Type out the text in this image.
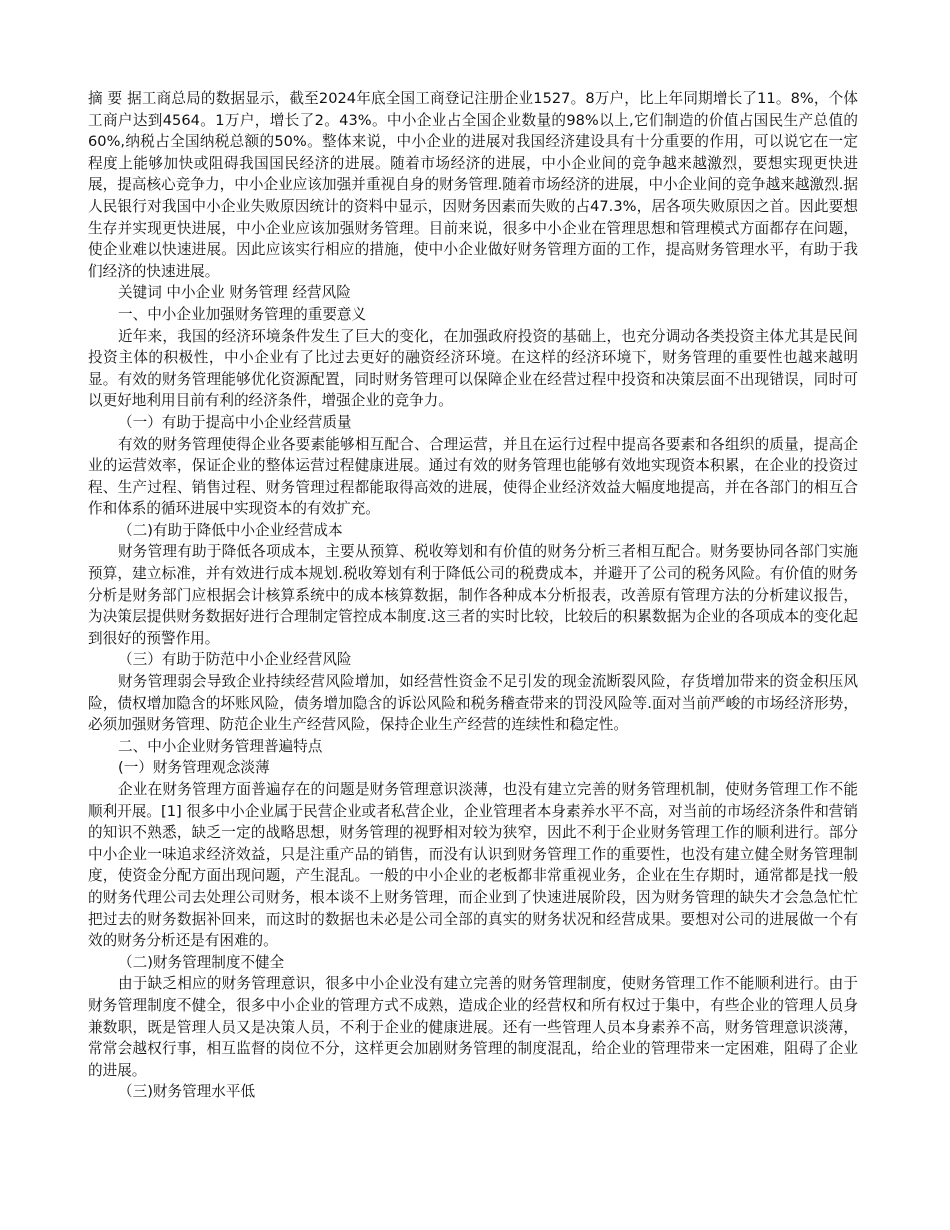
摘 要 据工商总局的数据显示，截至2024年底全国工商登记注册企业1527。8万户，比上年同期增长了11。8%，个体工商户达到4564。1万户，增长了2。43%。中小企业占全国企业数量的98%以上,它们制造的价值占国民生产总值的60%,纳税占全国纳税总额的50%。整体来说，中小企业的进展对我国经济建设具有十分重要的作用，可以说它在一定程度上能够加快或阻碍我国国民经济的进展。随着市场经济的进展，中小企业间的竞争越来越激烈，要想实现更快进展，提高核心竞争力，中小企业应该加强并重视自身的财务管理.随着市场经济的进展，中小企业间的竞争越来越激烈.据人民银行对我国中小企业失败原因统计的资料中显示，因财务因素而失败的占47.3%，居各项失败原因之首。因此要想生存并实现更快进展，中小企业应该加强财务管理。目前来说，很多中小企业在管理思想和管理模式方面都存在问题，使企业难以快速进展。因此应该实行相应的措施，使中小企业做好财务管理方面的工作，提高财务管理水平，有助于我们经济的快速进展。

关键词 中小企业 财务管理 经营风险

一、中小企业加强财务管理的重要意义

近年来，我国的经济环境条件发生了巨大的变化，在加强政府投资的基础上，也充分调动各类投资主体尤其是民间投资主体的积极性，中小企业有了比过去更好的融资经济环境。在这样的经济环境下，财务管理的重要性也越来越明显。有效的财务管理能够优化资源配置，同时财务管理可以保障企业在经营过程中投资和决策层面不出现错误，同时可以更好地利用目前有利的经济条件，增强企业的竞争力。

（一）有助于提高中小企业经营质量

有效的财务管理使得企业各要素能够相互配合、合理运营，并且在运行过程中提高各要素和各组织的质量，提高企业的运营效率，保证企业的整体运营过程健康进展。通过有效的财务管理也能够有效地实现资本积累，在企业的投资过程、生产过程、销售过程、财务管理过程都能取得高效的进展，使得企业经济效益大幅度地提高，并在各部门的相互合作和体系的循环进展中实现资本的有效扩充。

（二)有助于降低中小企业经营成本

财务管理有助于降低各项成本，主要从预算、税收筹划和有价值的财务分析三者相互配合。财务要协同各部门实施预算，建立标准，并有效进行成本规划.税收筹划有利于降低公司的税费成本，并避开了公司的税务风险。有价值的财务分析是财务部门应根据会计核算系统中的成本核算数据，制作各种成本分析报表，改善原有管理方法的分析建议报告，为决策层提供财务数据好进行合理制定管控成本制度.这三者的实时比较，比较后的积累数据为企业的各项成本的变化起到很好的预警作用。

（三）有助于防范中小企业经营风险

财务管理弱会导致企业持续经营风险增加，如经营性资金不足引发的现金流断裂风险，存货增加带来的资金积压风险，债权增加隐含的坏账风险，债务增加隐含的诉讼风险和税务稽查带来的罚没风险等.面对当前严峻的市场经济形势，必须加强财务管理、防范企业生产经营风险，保持企业生产经营的连续性和稳定性。

二、中小企业财务管理普遍特点

(一）财务管理观念淡薄

企业在财务管理方面普遍存在的问题是财务管理意识淡薄，也没有建立完善的财务管理机制，使财务管理工作不能顺利开展。[1] 很多中小企业属于民营企业或者私营企业，企业管理者本身素养水平不高，对当前的市场经济条件和营销的知识不熟悉，缺乏一定的战略思想，财务管理的视野相对较为狭窄，因此不利于企业财务管理工作的顺利进行。部分中小企业一味追求经济效益，只是注重产品的销售，而没有认识到财务管理工作的重要性，也没有建立健全财务管理制度，使资金分配方面出现问题，产生混乱。一般的中小企业的老板都非常重视业务，企业在生存期时，通常都是找一般的财务代理公司去处理公司财务，根本谈不上财务管理，而企业到了快速进展阶段，因为财务管理的缺失才会急急忙忙把过去的财务数据补回来，而这时的数据也未必是公司全部的真实的财务状况和经营成果。要想对公司的进展做一个有效的财务分析还是有困难的。

（二)财务管理制度不健全

由于缺乏相应的财务管理意识，很多中小企业没有建立完善的财务管理制度，使财务管理工作不能顺利进行。由于财务管理制度不健全，很多中小企业的管理方式不成熟，造成企业的经营权和所有权过于集中，有些企业的管理人员身兼数职，既是管理人员又是决策人员，不利于企业的健康进展。还有一些管理人员本身素养不高，财务管理意识淡薄，常常会越权行事，相互监督的岗位不分，这样更会加剧财务管理的制度混乱，给企业的管理带来一定困难，阻碍了企业的进展。

（三)财务管理水平低
